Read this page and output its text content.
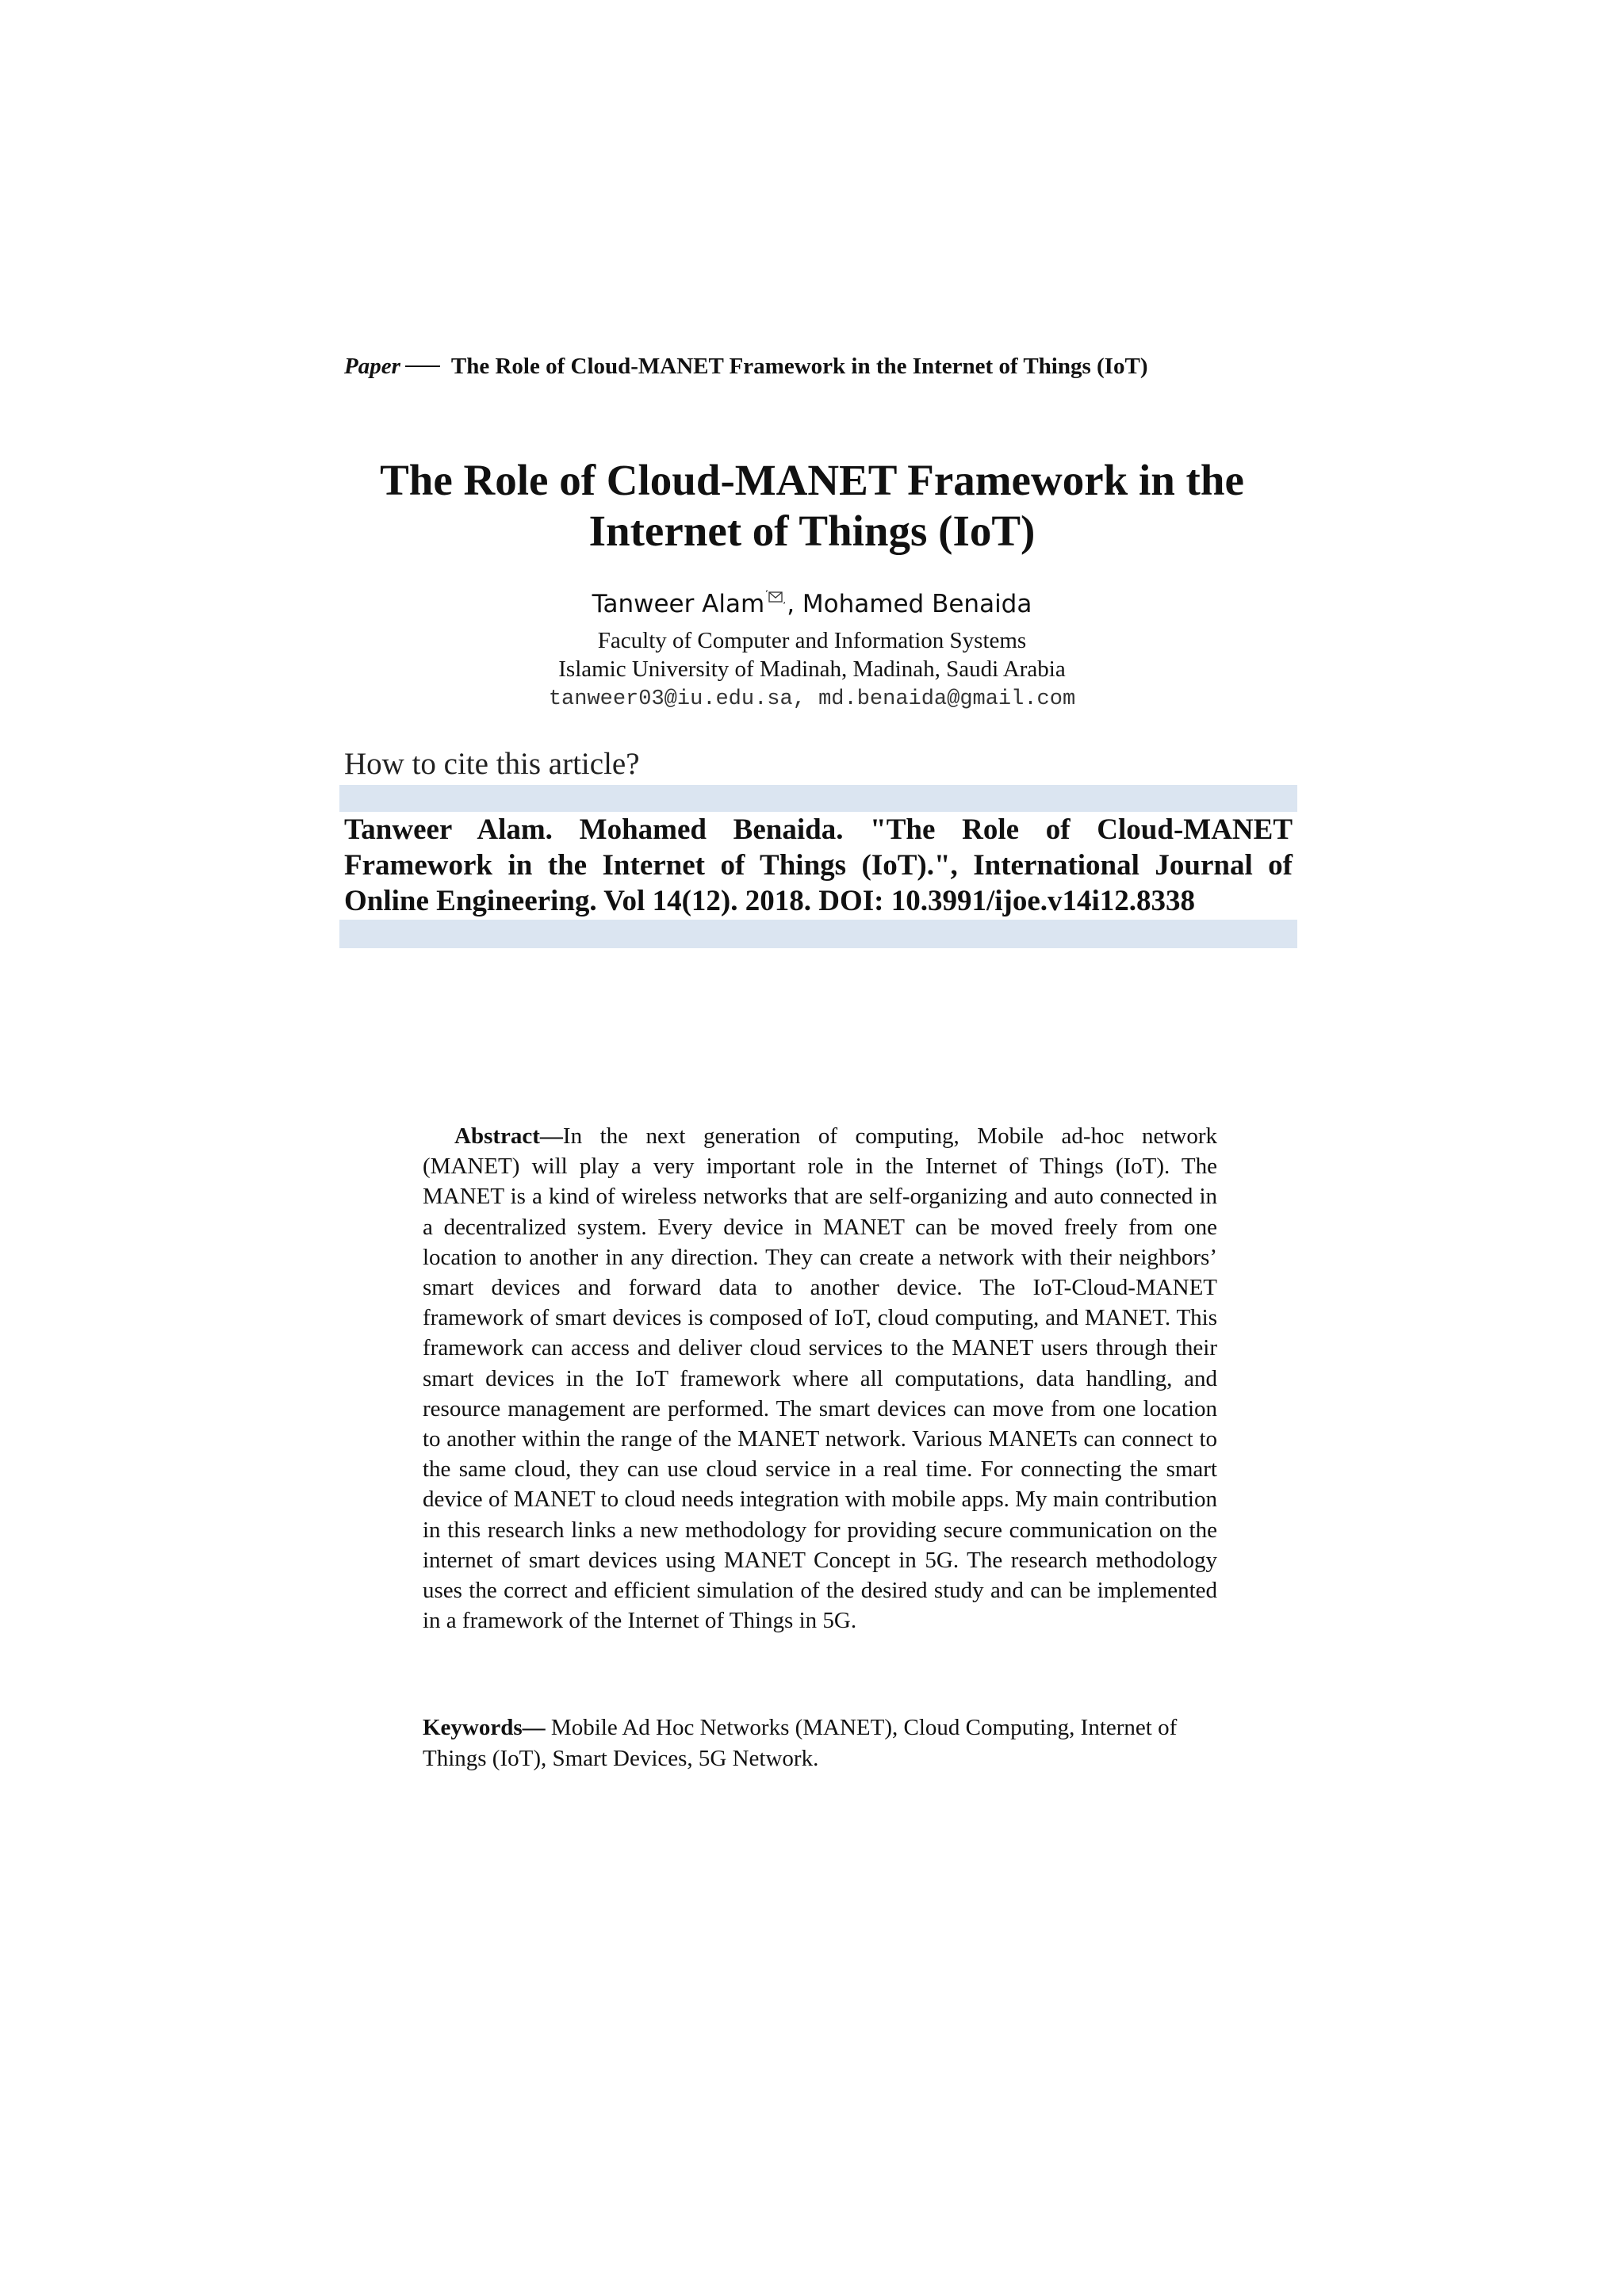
Paper The Role of Cloud-MANET Framework in the Internet of Things (IoT)
The Role of Cloud-MANET Framework in the
Internet of Things (IoT)
Tanweer Alam , Mohamed Benaida
Faculty of Computer and Information Systems
Islamic University of Madinah, Madinah, Saudi Arabia
tanweer03@iu.edu.sa, md.benaida@gmail.com
How to cite this article?
Tanweer Alam. Mohamed Benaida. "The Role of Cloud-MANET Framework in the Internet of Things (IoT).", International Journal of Online Engineering. Vol 14(12). 2018. DOI: 10.3991/ijoe.v14i12.8338

Abstract—In the next generation of computing, Mobile ad-hoc network (MANET) will play a very important role in the Internet of Things (IoT). The MANET is a kind of wireless networks that are self-organizing and auto connected in a decentralized system. Every device in MANET can be moved freely from one location to another in any direction. They can create a network with their neighbors’ smart devices and forward data to another device. The IoT-Cloud-MANET framework of smart devices is composed of IoT, cloud computing, and MANET. This framework can access and deliver cloud services to the MANET users through their smart devices in the IoT framework where all computations, data handling, and resource management are performed. The smart devices can move from one location to another within the range of the MANET network. Various MANETs can connect to the same cloud, they can use cloud service in a real time. For connecting the smart device of MANET to cloud needs integration with mobile apps. My main contribution in this research links a new methodology for providing secure communication on the internet of smart devices using MANET Concept in 5G. The research methodology uses the correct and efficient simulation of the desired study and can be implemented in a framework of the Internet of Things in 5G.

Keywords— Mobile Ad Hoc Networks (MANET), Cloud Computing, Internet of Things (IoT), Smart Devices, 5G Network.
